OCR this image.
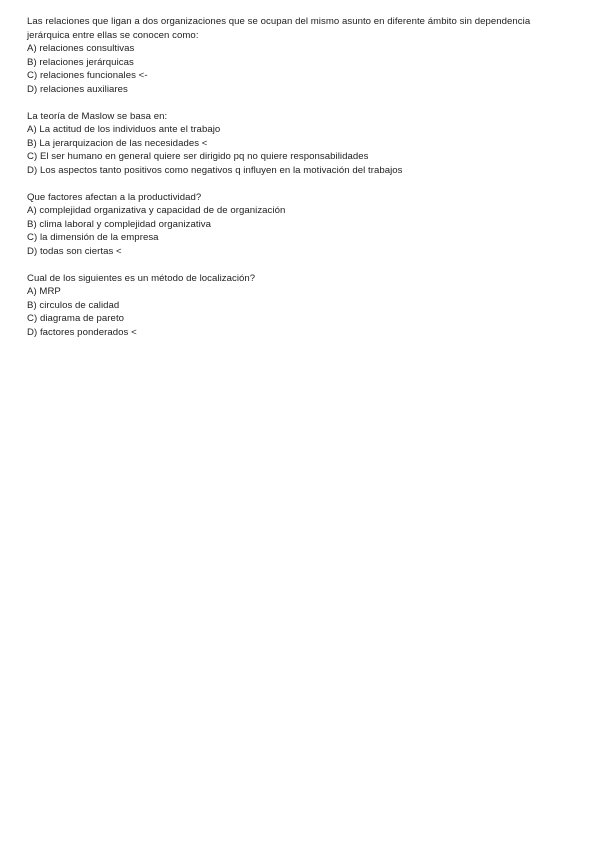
Las relaciones que ligan a dos organizaciones que se ocupan del mismo asunto en diferente ámbito sin dependencia jerárquica entre ellas se conocen como:
A) relaciones consultivas
B) relaciones jerárquicas
C) relaciones funcionales <-
D) relaciones auxiliares
La teoría de Maslow se basa en:
A) La actitud de los individuos ante el trabajo
B) La jerarquizacion de las necesidades <
C) El ser humano en general quiere ser dirigido pq no quiere responsabilidades
D) Los aspectos tanto positivos como negativos q influyen en la motivación del trabajos
Que factores afectan a la productividad?
A) complejidad organizativa y capacidad de de organización
B) clima laboral y complejidad organizativa
C) la dimensión de la empresa
D) todas son ciertas <
Cual de los siguientes es un método de localización?
A) MRP
B) circulos de calidad
C) diagrama de pareto
D) factores ponderados <
